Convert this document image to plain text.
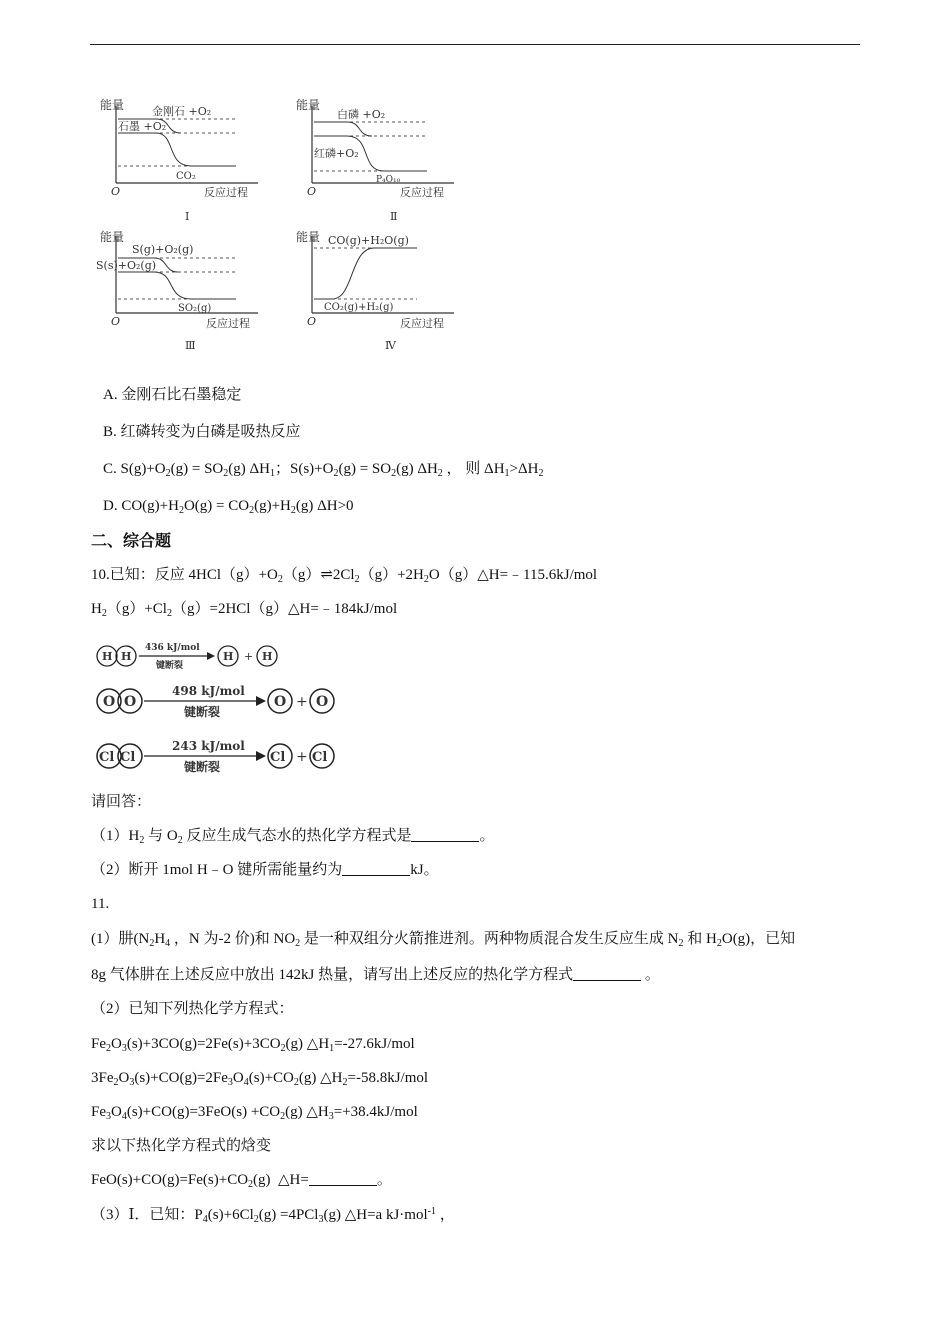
能量	金刚石 +O₂
石墨 +O₂
CO₂
O	反应过程
Ⅰ
能量
白磷 +O₂
红磷+O₂
P₄O₁₀
O	反应过程
Ⅱ
能量
S(g)+O₂(g)
S(s)+O₂(g)
SO₂(g)
O	反应过程
Ⅲ
能量 CO(g)+H₂O(g)
CO₂(g)+H₂(g)
O	反应过程
Ⅳ
A. 金刚石比石墨稳定
B. 红磷转变为白磷是吸热反应
C. $S(g)+O_2(g) = SO_2(g)$ $\Delta H_1$；$S(s)+O_2(g) = SO_2(g)$ $\Delta H_2$ ， 则 $\Delta H_1>\Delta H_2$
D. $CO(g)+H_2O(g) = CO_2(g)+H_2(g)$ ΔH>0
二、综合题
10.已知：反应 $4HCl(g)+O_2(g)\rightleftharpoons 2Cl_2(g)+2H_2O(g)\triangle H=﹣115.6kJ$/mol
$H_2(g)+Cl_2(g)=2HCl(g)\triangle H=﹣184kJ$/mol
H H
436 kJ/mol
键断裂
H + H
O O
498 kJ/mol
键断裂
O + O
Cl Cl
243 kJ/mol
键断裂
Cl + Cl
请回答：
$(1)H_2$ 与 $O_2$ 反应生成气态水的热化学方程式是	。
（2）断开 1mol H﹣O 键所需能量约为	kJ。
11.
(1）肼($N_2H_4$ ，N 为-2 价)和 $NO_2$ 是一种双组分火箭推进剂。两种物质混合发生反应生成 $N_2$ 和 $H_2O(g)$，已知
8g 气体肼在上述反应中放出 142kJ 热量，请写出上述反应的热化学方程式	。
（2）已知下列热化学方程式：
$Fe_2O_3(s)+3CO(g)=2Fe(s)+3CO_2(g)$ $\triangle H_1=-27.6kJ$/mol
$3Fe_2O_3(s)+CO(g)=2Fe_3O_4(s)+CO_2(g)$ $\triangle H_2=-58.8kJ$/mol
$Fe_3O_4(s)+CO(g)=3FeO(s) +CO_2(g)$ $\triangle H_3=+38.4kJ$/mol
求以下热化学方程式的焓变
$FeO(s)+CO(g)=Fe(s)+CO_2(g)$  △H=	。
（3）Ⅰ．已知：$P_4(s)+6Cl_2(g) =4PCl_3(g)$ △H=a kJ·mol$^{-1}$ ，
